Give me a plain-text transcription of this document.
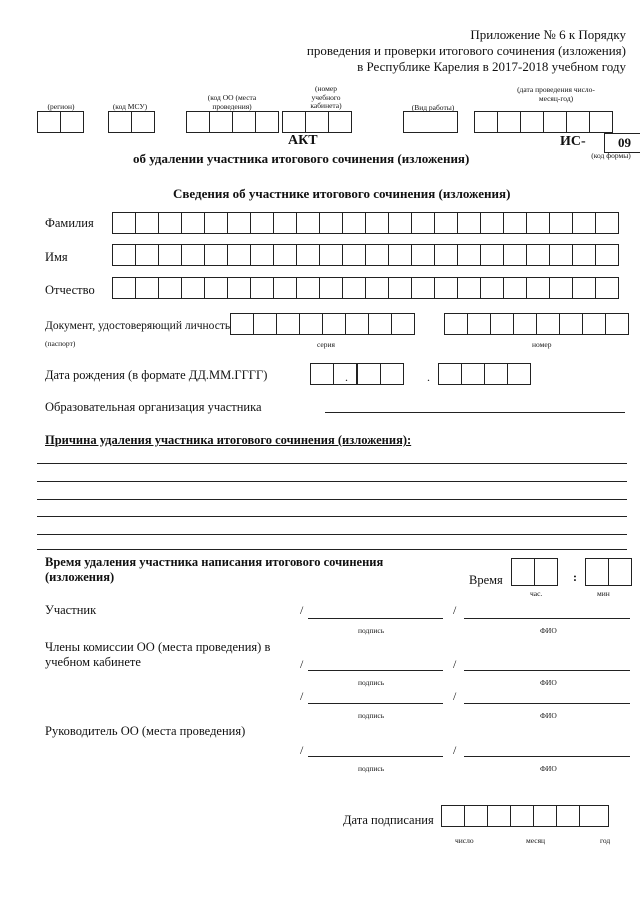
Приложение № 6 к Порядку
проведения и проверки итогового сочинения (изложения)
в Республике Карелия в 2017-2018 учебном году
(регион)	(код МСУ)
(код ОО (места проведения)
(номер учебного кабинета)	(Вид работы)
(дата проведения число-месяц-год)
АКТ
об удалении участника итогового сочинения (изложения)
ИС- 09
(код формы)
Сведения об участнике итогового сочинения (изложения)
Фамилия
Имя
Отчество
Документ, удостоверяющий личность
(паспорт)	серия	номер
Дата рождения (в формате ДД.ММ.ГГГГ)	.	.
Образовательная организация участника
Причина удаления участника итогового сочинения (изложения):
Время удаления участника написания итогового сочинения
(изложения)	Время	:
час.	мин
Участник	/	/
подпись	ФИО
Члены комиссии ОО (места проведения) в
учебном кабинете	/	/
подпись	ФИО
/	/
подпись	ФИО
Руководитель ОО (места проведения)
/	/
подпись	ФИО
Дата подписания
число	месяц	год
